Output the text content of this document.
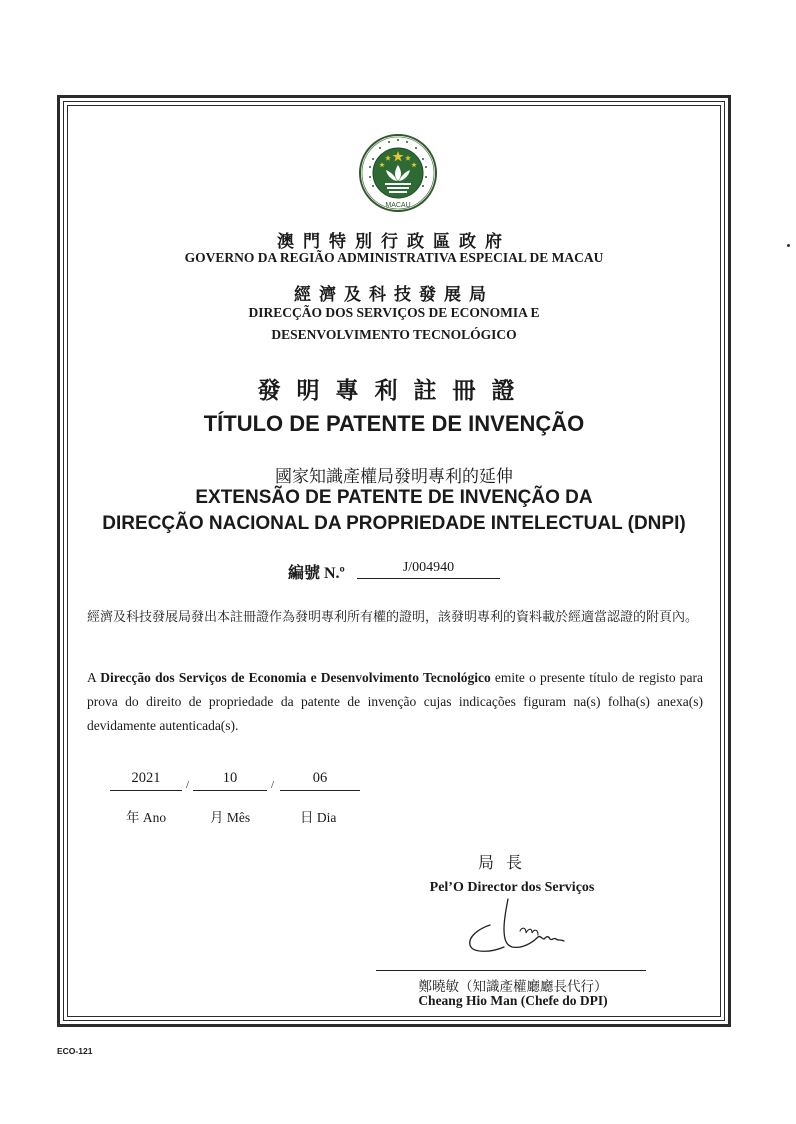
MACAU
澳門特別行政區政府
GOVERNO DA REGIÃO ADMINISTRATIVA ESPECIAL DE MACAU
經濟及科技發展局
DIRECÇÃO DOS SERVIÇOS DE ECONOMIA E
DESENVOLVIMENTO TECNOLÓGICO
發明專利註冊證
TÍTULO DE PATENTE DE INVENÇÃO
國家知識產權局發明專利的延伸
EXTENSÃO DE PATENTE DE INVENÇÃO DA
DIRECÇÃO NACIONAL DA PROPRIEDADE INTELECTUAL (DNPI)
編號 N.º	J/004940
經濟及科技發展局發出本註冊證作為發明專利所有權的證明，該發明專利的資料載於經適當認證的附頁內。
A Direcção dos Serviços de Economia e Desenvolvimento Tecnológico emite o presente título de registo para prova do direito de propriedade da patente de invenção cujas indicações figuram na(s) folha(s) anexa(s) devidamente autenticada(s).
2021	/	10	/	06
年 Ano	月 Mês	日 Dia
局長
Pel’O Director dos Serviços
鄭曉敏（知識產權廳廳長代行）
Cheang Hio Man (Chefe do DPI)
ECO-121
